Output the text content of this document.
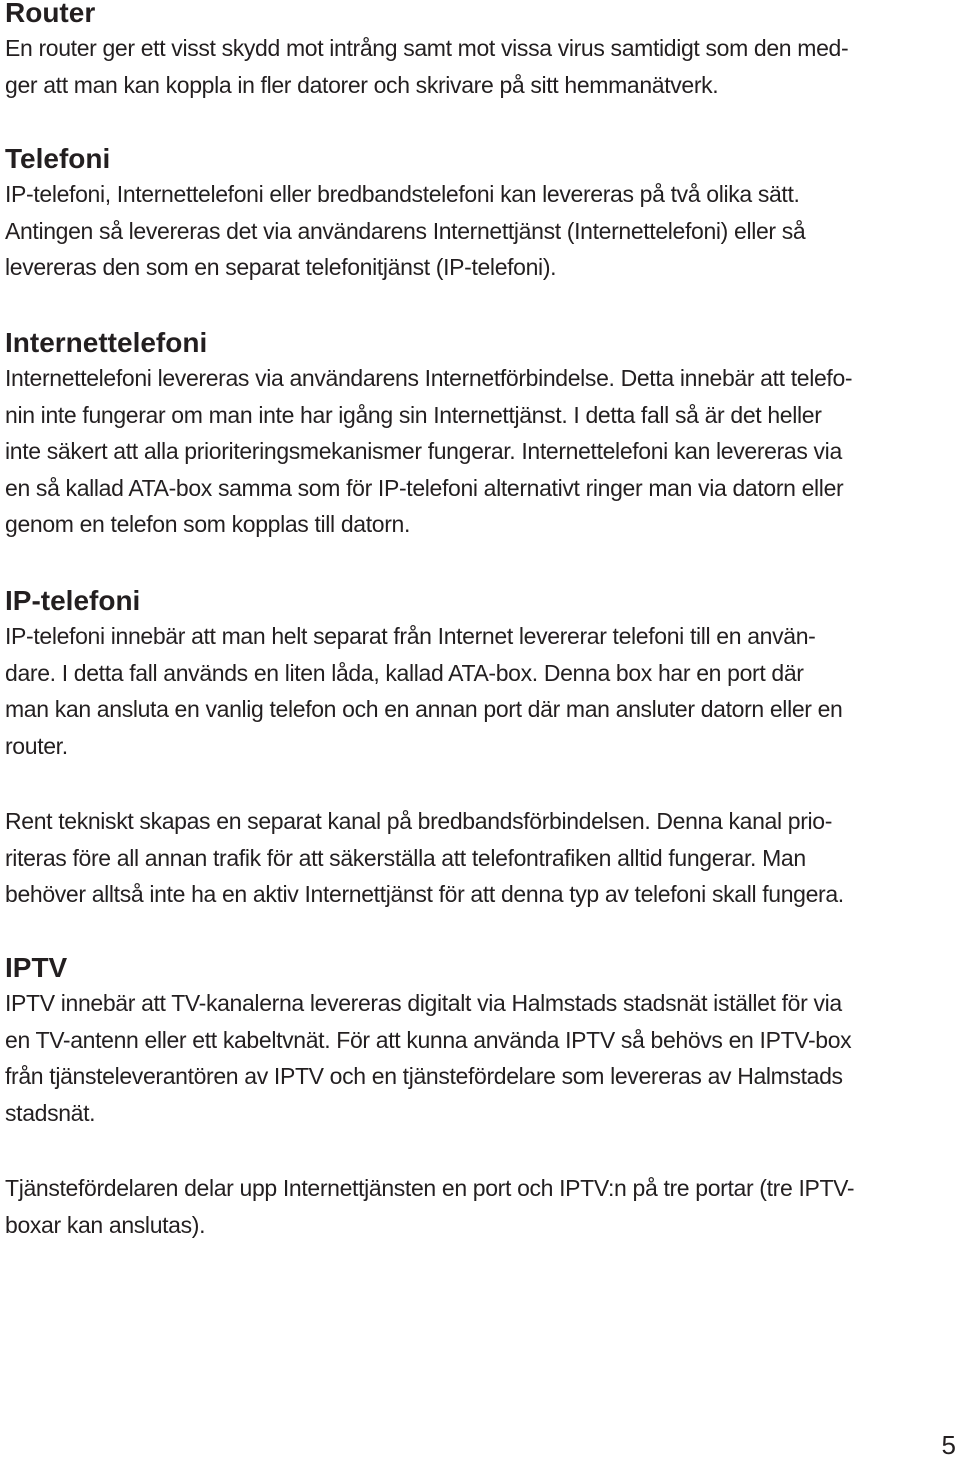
Router
En router ger ett visst skydd mot intrång samt mot vissa virus samtidigt som den med-
ger att man kan koppla in fler datorer och skrivare på sitt hemmanätverk.
Telefoni
IP-telefoni, Internettelefoni eller bredbandstelefoni kan levereras på två olika sätt.
Antingen så levereras det via användarens Internettjänst (Internettelefoni) eller så
levereras den som en separat telefonitjänst (IP-telefoni).
Internettelefoni
Internettelefoni levereras via användarens Internetförbindelse. Detta innebär att telefo-
nin inte fungerar om man inte har igång sin Internettjänst. I detta fall så är det heller
inte säkert att alla prioriteringsmekanismer fungerar. Internettelefoni kan levereras via
en så kallad ATA-box samma som för IP-telefoni alternativt ringer man via datorn eller
genom en telefon som kopplas till datorn.
IP-telefoni
IP-telefoni innebär att man helt separat från Internet levererar telefoni till en använ-
dare. I detta fall används en liten låda, kallad ATA-box. Denna box har en port där
man kan ansluta en vanlig telefon och en annan port där man ansluter datorn eller en
router.
Rent tekniskt skapas en separat kanal på bredbandsförbindelsen. Denna kanal prio-
riteras före all annan trafik för att säkerställa att telefontrafiken alltid fungerar. Man
behöver alltså inte ha en aktiv Internettjänst för att denna typ av telefoni skall fungera.
IPTV
IPTV innebär att TV-kanalerna levereras digitalt via Halmstads stadsnät istället för via
en TV-antenn eller ett kabeltvnät. För att kunna använda IPTV så behövs en IPTV-box
från tjänsteleverantören av IPTV och en tjänstefördelare som levereras av Halmstads
stadsnät.
Tjänstefördelaren delar upp Internettjänsten en port och IPTV:n på tre portar (tre IPTV-
boxar kan anslutas).
5
